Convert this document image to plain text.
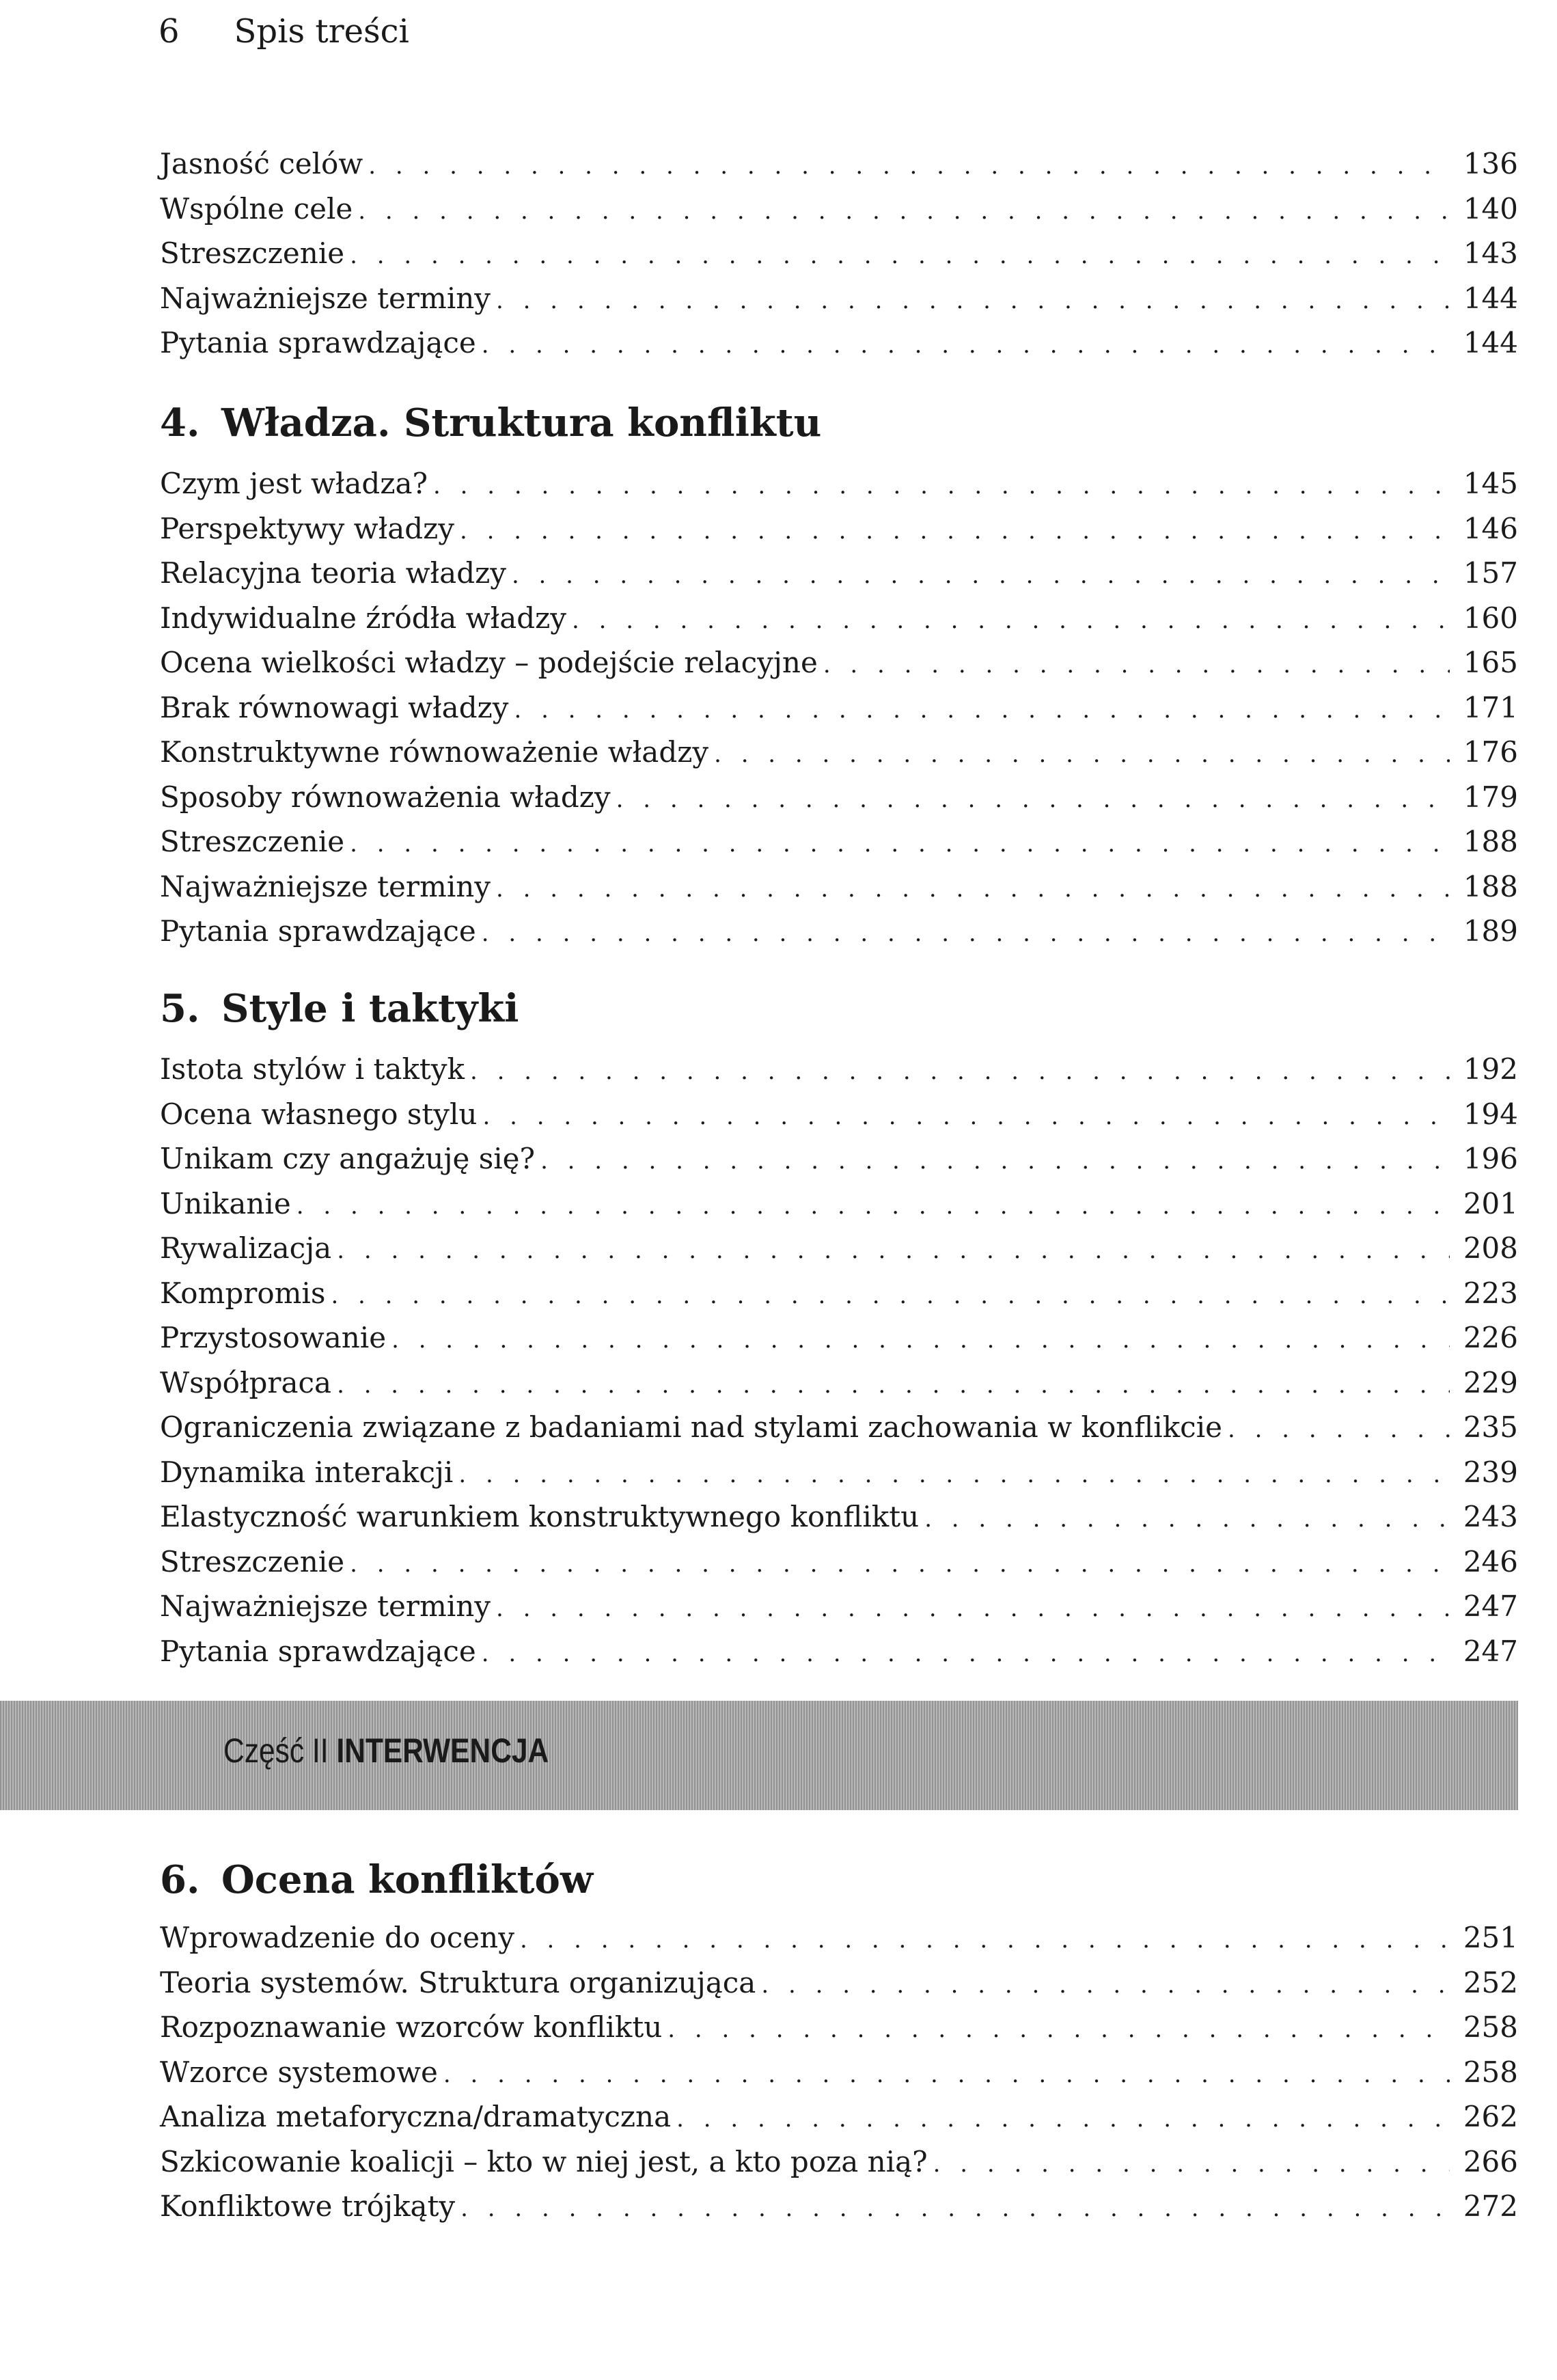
6 Spis treści
Jasność celów . . .	136
Wspólne cele . . .	140
Streszczenie . . .	143
Najważniejsze terminy . . .	144
Pytania sprawdzające . . .	144
4. Władza. Struktura konfliktu
Czym jest władza? . . .	145
Perspektywy władzy . . .	146
Relacyjna teoria władzy . . .	157
Indywidualne źródła władzy . . .	160
Ocena wielkości władzy – podejście relacyjne . . .	165
Brak równowagi władzy . . .	171
Konstruktywne równoważenie władzy . . .	176
Sposoby równoważenia władzy . . .	179
Streszczenie . . .	188
Najważniejsze terminy . . .	188
Pytania sprawdzające . . .	189
5. Style i taktyki
Istota stylów i taktyk . . .	192
Ocena własnego stylu . . .	194
Unikam czy angażuję się? . . .	196
Unikanie . . .	201
Rywalizacja . . .	208
Kompromis . . .	223
Przystosowanie . . .	226
Współpraca . . .	229
Ograniczenia związane z badaniami nad stylami zachowania w konflikcie . . .	235
Dynamika interakcji . . .	239
Elastyczność warunkiem konstruktywnego konfliktu . . .	243
Streszczenie . . .	246
Najważniejsze terminy . . .	247
Pytania sprawdzające . . .	247
Część II INTERWENCJA
6. Ocena konfliktów
Wprowadzenie do oceny . . .	251
Teoria systemów. Struktura organizująca . . .	252
Rozpoznawanie wzorców konfliktu . . .	258
Wzorce systemowe . . .	258
Analiza metaforyczna/dramatyczna . . .	262
Szkicowanie koalicji – kto w niej jest, a kto poza nią? . . .	266
Konfliktowe trójkąty . . .	272
